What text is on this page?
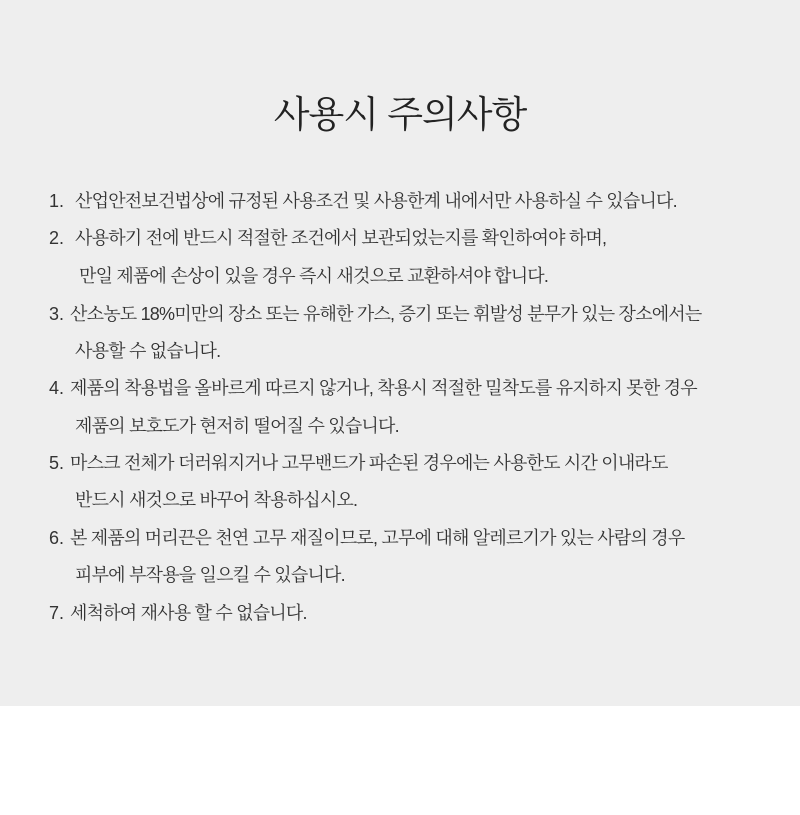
사용시 주의사항
1. 산업안전보건법상에 규정된 사용조건 및 사용한계 내에서만 사용하실 수 있습니다.
2. 사용하기 전에 반드시 적절한 조건에서 보관되었는지를 확인하여야 하며,
만일 제품에 손상이 있을 경우 즉시 새것으로 교환하셔야 합니다.
3. 산소농도 18%미만의 장소 또는 유해한 가스, 증기 또는 휘발성 분무가 있는 장소에서는
사용할 수 없습니다.
4. 제품의 착용법을 올바르게 따르지 않거나, 착용시 적절한 밀착도를 유지하지 못한 경우
제품의 보호도가 현저히 떨어질 수 있습니다.
5. 마스크 전체가 더러워지거나 고무밴드가 파손된 경우에는 사용한도 시간 이내라도
반드시 새것으로 바꾸어 착용하십시오.
6. 본 제품의 머리끈은 천연 고무 재질이므로, 고무에 대해 알레르기가 있는 사람의 경우
피부에 부작용을 일으킬 수 있습니다.
7. 세척하여 재사용 할 수 없습니다.
